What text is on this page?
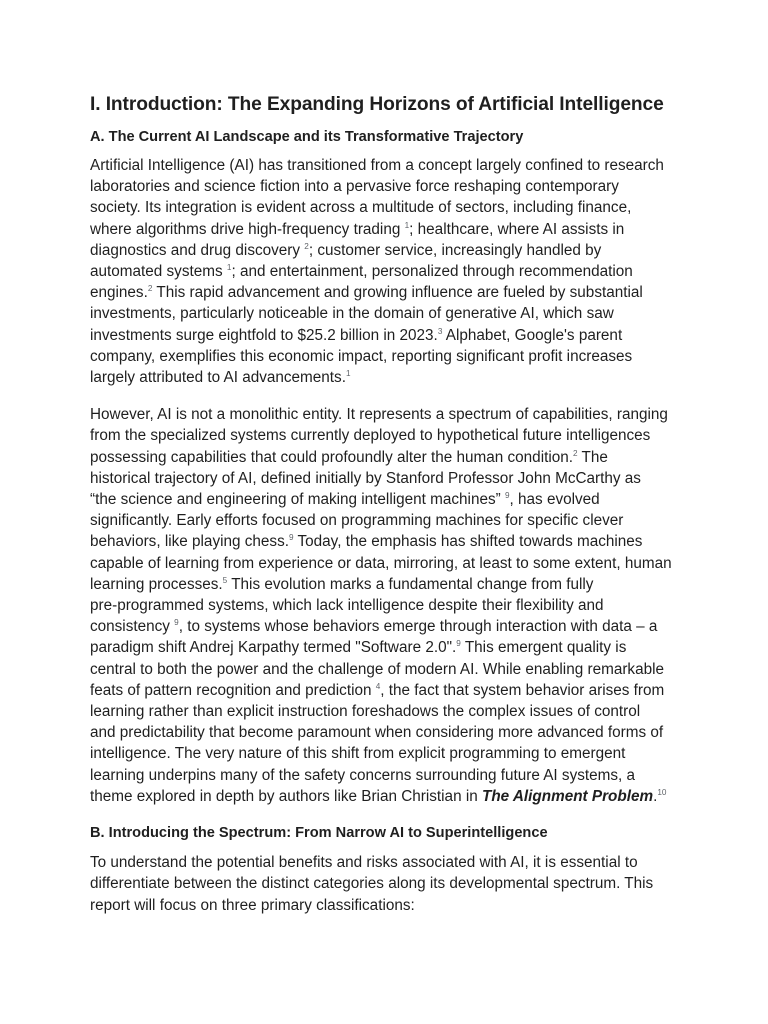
I. Introduction: The Expanding Horizons of Artificial Intelligence
A. The Current AI Landscape and its Transformative Trajectory
Artificial Intelligence (AI) has transitioned from a concept largely confined to research
laboratories and science fiction into a pervasive force reshaping contemporary
society. Its integration is evident across a multitude of sectors, including finance,
where algorithms drive high-frequency trading $^1$; healthcare, where AI assists in
diagnostics and drug discovery $^2$; customer service, increasingly handled by
automated systems $^1$; and entertainment, personalized through recommendation
engines.$^2$ This rapid advancement and growing influence are fueled by substantial
investments, particularly noticeable in the domain of generative AI, which saw
investments surge eightfold to $25.2 billion in 2023.$^3$ Alphabet, Google's parent
company, exemplifies this economic impact, reporting significant profit increases
largely attributed to AI advancements.$^1$
However, AI is not a monolithic entity. It represents a spectrum of capabilities, ranging
from the specialized systems currently deployed to hypothetical future intelligences
possessing capabilities that could profoundly alter the human condition.$^2$ The
historical trajectory of AI, defined initially by Stanford Professor John McCarthy as
“the science and engineering of making intelligent machines” $^9$, has evolved
significantly. Early efforts focused on programming machines for specific clever
behaviors, like playing chess.$^9$ Today, the emphasis has shifted towards machines
capable of learning from experience or data, mirroring, at least to some extent, human
learning processes.$^5$ This evolution marks a fundamental change from fully
pre-programmed systems, which lack intelligence despite their flexibility and
consistency $^9$, to systems whose behaviors emerge through interaction with data – a
paradigm shift Andrej Karpathy termed "Software 2.0".$^9$ This emergent quality is
central to both the power and the challenge of modern AI. While enabling remarkable
feats of pattern recognition and prediction $^4$, the fact that system behavior arises from
learning rather than explicit instruction foreshadows the complex issues of control
and predictability that become paramount when considering more advanced forms of
intelligence. The very nature of this shift from explicit programming to emergent
learning underpins many of the safety concerns surrounding future AI systems, a
theme explored in depth by authors like Brian Christian in The Alignment Problem.$^{10}$
B. Introducing the Spectrum: From Narrow AI to Superintelligence
To understand the potential benefits and risks associated with AI, it is essential to
differentiate between the distinct categories along its developmental spectrum. This
report will focus on three primary classifications:
